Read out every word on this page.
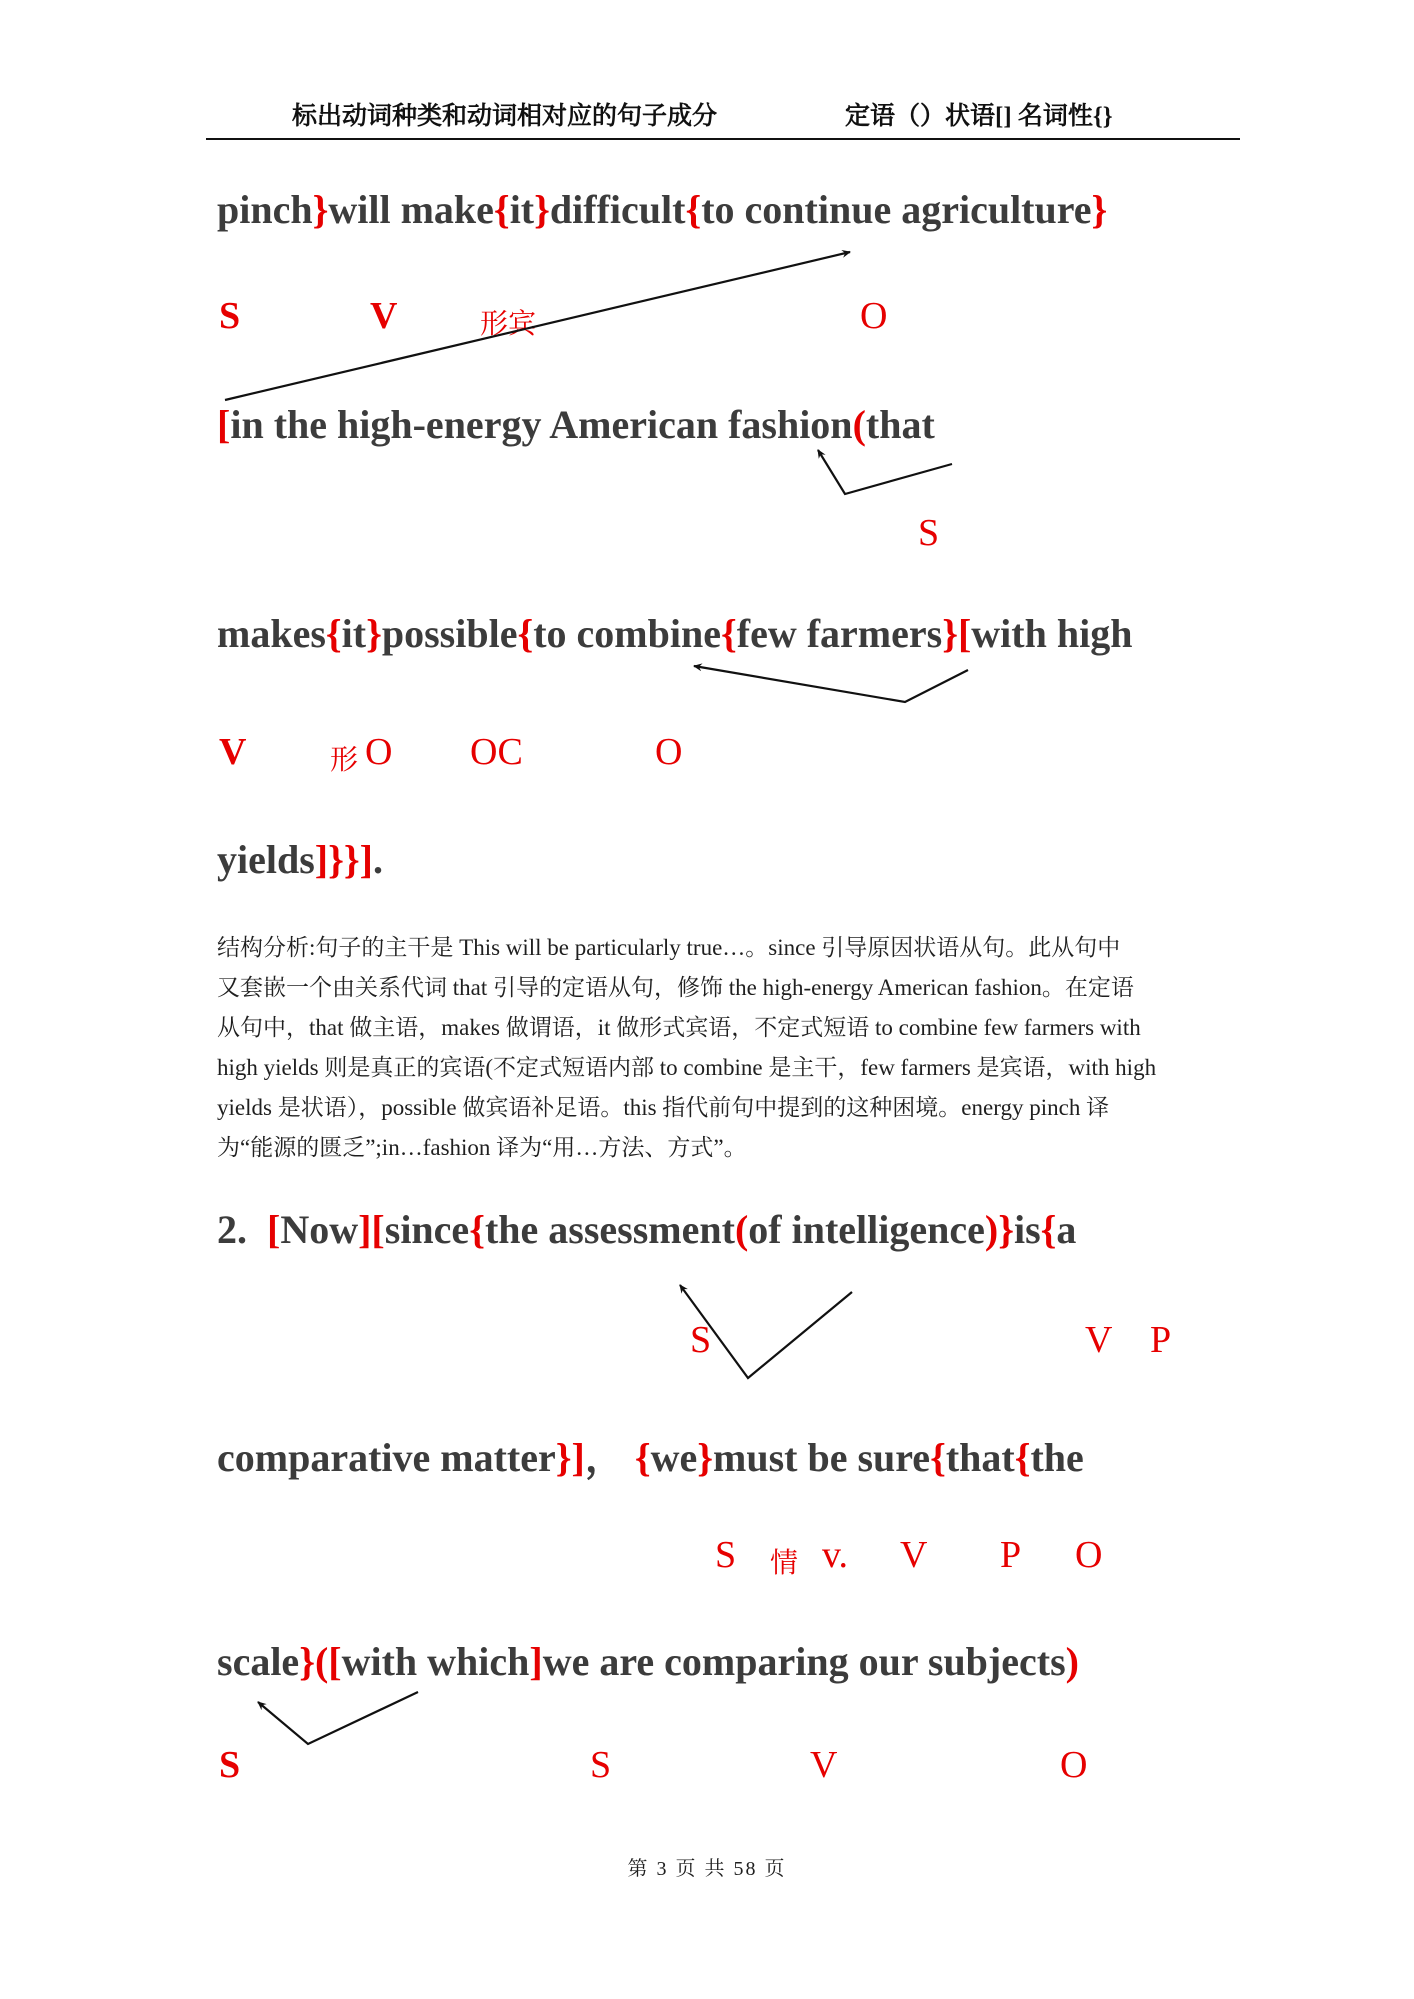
标出动词种类和动词相对应的句子成分	定语（）状语[] 名词性{}
pinch}will make{it}difficult{to continue agriculture}
[in the high-energy American fashion(that
makes{it}possible{to combine{few farmers}[with high
yields]}}].
2.  [Now][since{the assessment(of intelligence)}is{a
comparative matter}]， {we}must be sure{that{the
scale}([with which]we are comparing our subjects)
S	V	形宾	O
S
V	形 O OC	O
S	V P
S 情 v. V P O
S	S	V	O
结构分析:句子的主干是 This will be particularly true…。since 引导原因状语从句。此从句中
又套嵌一个由关系代词 that 引导的定语从句，修饰 the high-energy American fashion。在定语
从句中，that 做主语，makes 做谓语，it 做形式宾语，不定式短语 to combine few farmers with
high yields 则是真正的宾语(不定式短语内部 to combine 是主干，few farmers 是宾语，with high
yields 是状语），possible 做宾语补足语。this 指代前句中提到的这种困境。energy pinch 译
为“能源的匮乏”;in…fashion 译为“用…方法、方式”。
第 3 页 共 58 页
